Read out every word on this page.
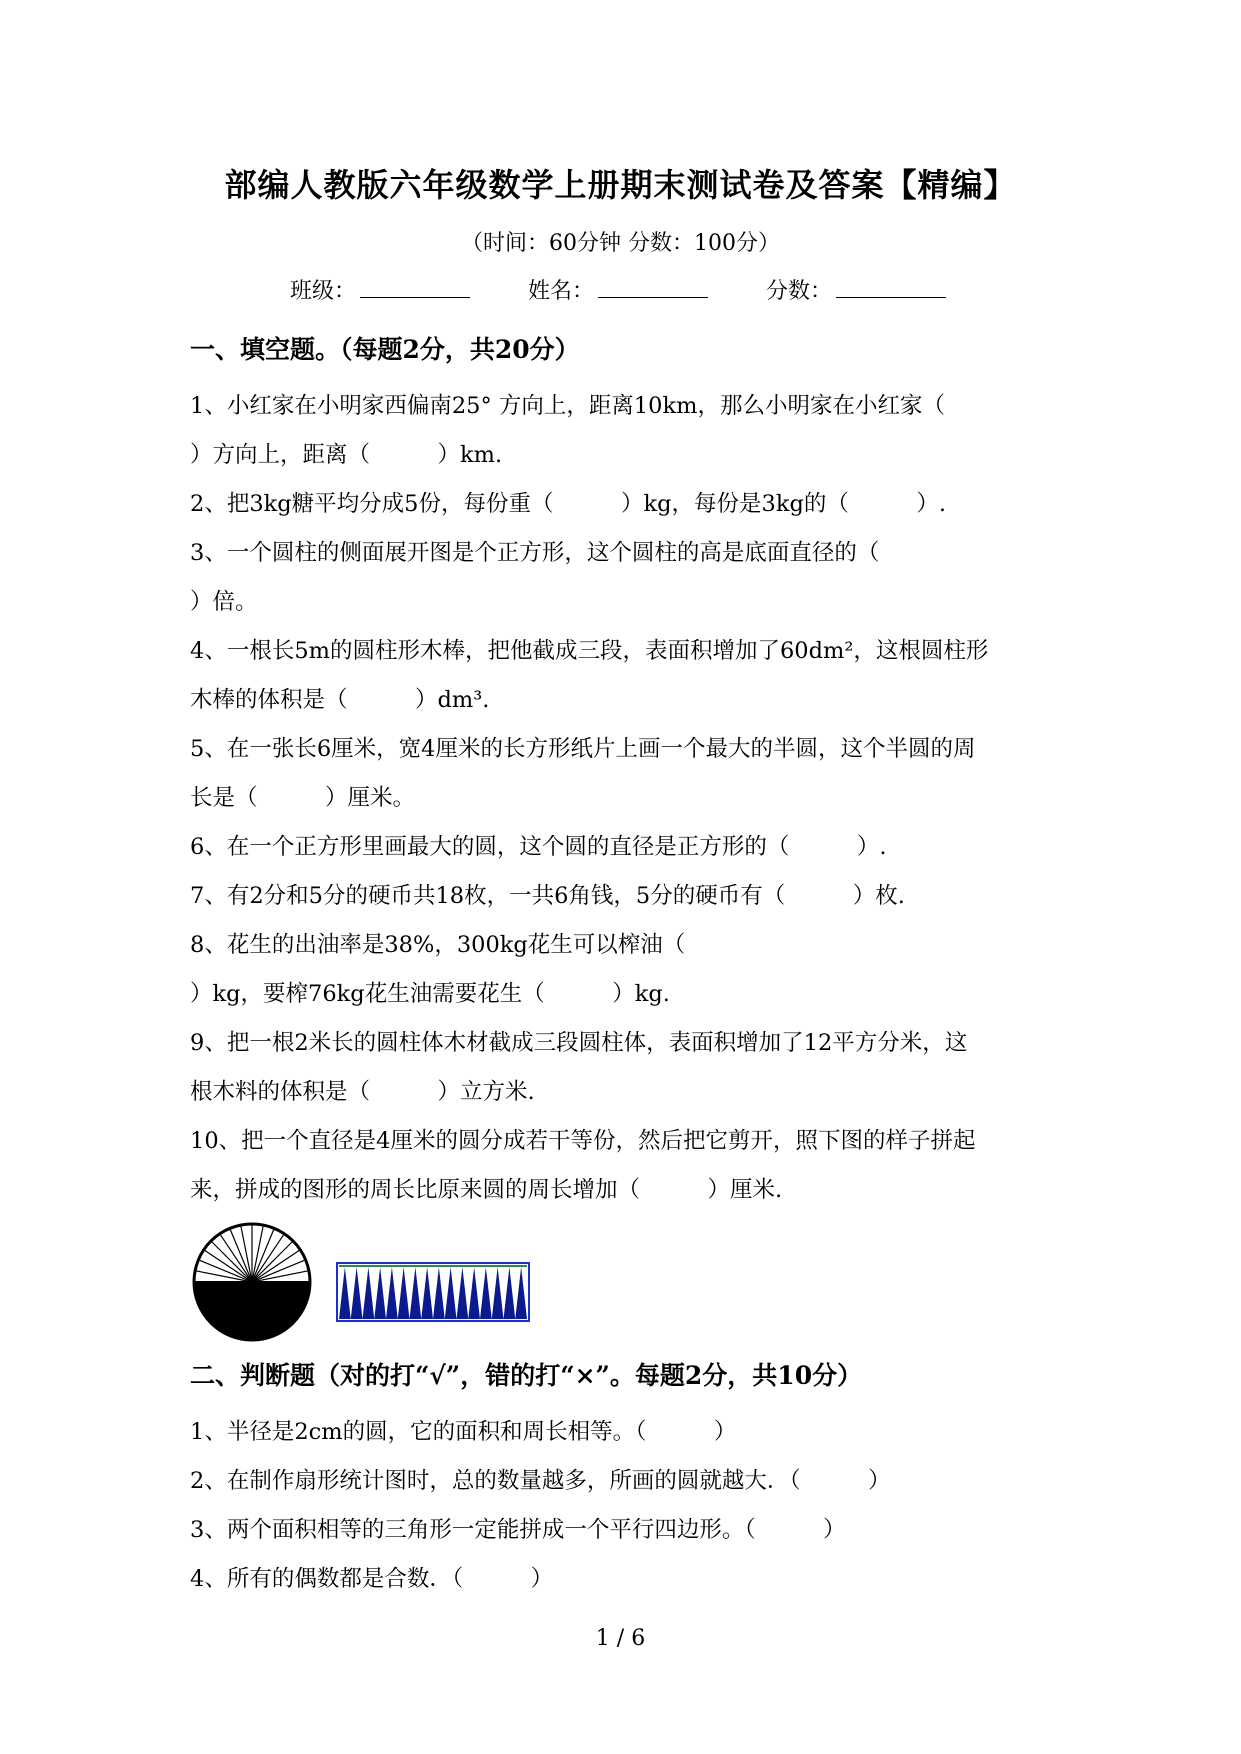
部编人教版六年级数学上册期末测试卷及答案【精编】
（时间：60分钟 分数：100分）
班级：	姓名：	分数：
一、填空题。（每题2分，共20分）
1、小红家在小明家西偏南25° 方向上，距离10km，那么小明家在小红家（
）方向上，距离（　　　）km.
2、把3kg糖平均分成5份，每份重（　　　）kg，每份是3kg的（　　　）.
3、一个圆柱的侧面展开图是个正方形，这个圆柱的高是底面直径的（
）倍。
4、一根长5m的圆柱形木棒，把他截成三段，表面积增加了60dm²，这根圆柱形
木棒的体积是（　　　）dm³.
5、在一张长6厘米，宽4厘米的长方形纸片上画一个最大的半圆，这个半圆的周
长是（　　　）厘米。
6、在一个正方形里画最大的圆，这个圆的直径是正方形的（　　　）.
7、有2分和5分的硬币共18枚，一共6角钱，5分的硬币有（　　　）枚.
8、花生的出油率是38%，300kg花生可以榨油（
）kg，要榨76kg花生油需要花生（　　　）kg.
9、把一根2米长的圆柱体木材截成三段圆柱体，表面积增加了12平方分米，这
根木料的体积是（　　　）立方米.
10、把一个直径是4厘米的圆分成若干等份，然后把它剪开，照下图的样子拼起
来，拼成的图形的周长比原来圆的周长增加（　　　）厘米.
二、判断题（对的打“√”，错的打“×”。每题2分，共10分）
1、半径是2cm的圆，它的面积和周长相等。（　　　）
2、在制作扇形统计图时，总的数量越多，所画的圆就越大．（　　　）
3、两个面积相等的三角形一定能拼成一个平行四边形。（　　　）
4、所有的偶数都是合数．（　　　）
1 / 6
